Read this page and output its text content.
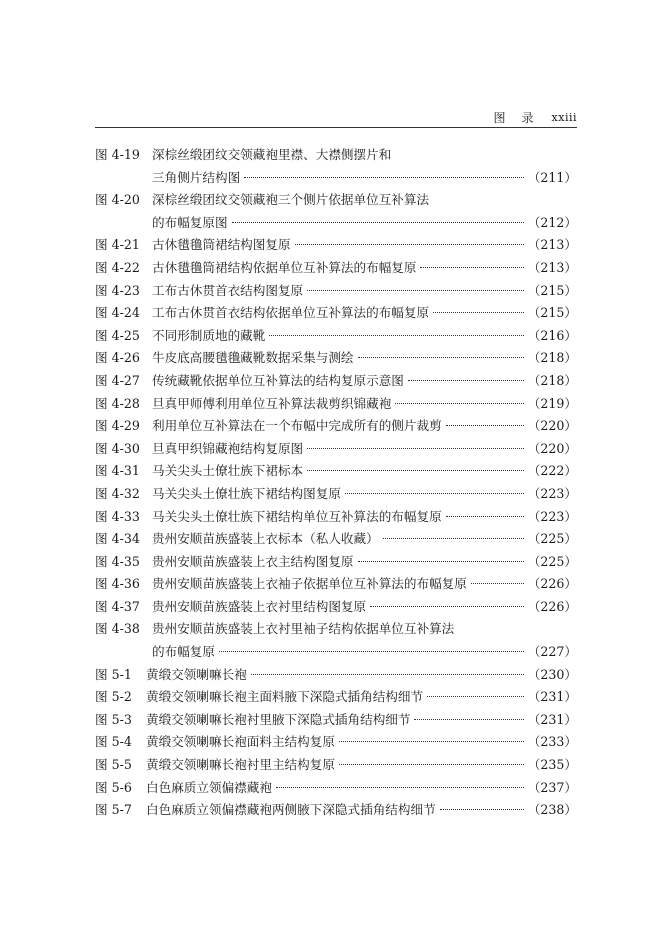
图录 xxiii
图 4-19 深棕丝缎团纹交领藏袍里襟、大襟侧摆片和
三角侧片结构图	（211）
图 4-20 深棕丝缎团纹交领藏袍三个侧片依据单位互补算法
的布幅复原图	（212）
图 4-21 古休氆氇筒裙结构图复原	（213）
图 4-22 古休氆氇筒裙结构依据单位互补算法的布幅复原	（213）
图 4-23 工布古休贯首衣结构图复原	（215）
图 4-24 工布古休贯首衣结构依据单位互补算法的布幅复原	（215）
图 4-25 不同形制质地的藏靴	（216）
图 4-26 牛皮底高腰氆氇藏靴数据采集与测绘	（218）
图 4-27 传统藏靴依据单位互补算法的结构复原示意图	（218）
图 4-28 旦真甲师傅利用单位互补算法裁剪织锦藏袍	（219）
图 4-29 利用单位互补算法在一个布幅中完成所有的侧片裁剪	（220）
图 4-30 旦真甲织锦藏袍结构复原图	（220）
图 4-31 马关尖头土僚壮族下裙标本	（222）
图 4-32 马关尖头土僚壮族下裙结构图复原	（223）
图 4-33 马关尖头土僚壮族下裙结构单位互补算法的布幅复原	（223）
图 4-34 贵州安顺苗族盛装上衣标本（私人收藏）	（225）
图 4-35 贵州安顺苗族盛装上衣主结构图复原	（225）
图 4-36 贵州安顺苗族盛装上衣袖子依据单位互补算法的布幅复原	（226）
图 4-37 贵州安顺苗族盛装上衣衬里结构图复原	（226）
图 4-38 贵州安顺苗族盛装上衣衬里袖子结构依据单位互补算法
的布幅复原	（227）
图 5-1	黄缎交领喇嘛长袍	（230）
图 5-2	黄缎交领喇嘛长袍主面料腋下深隐式插角结构细节	（231）
图 5-3	黄缎交领喇嘛长袍衬里腋下深隐式插角结构细节	（231）
图 5-4	黄缎交领喇嘛长袍面料主结构复原	（233）
图 5-5	黄缎交领喇嘛长袍衬里主结构复原	（235）
图 5-6	白色麻质立领偏襟藏袍	（237）
图 5-7	白色麻质立领偏襟藏袍两侧腋下深隐式插角结构细节	（238）
